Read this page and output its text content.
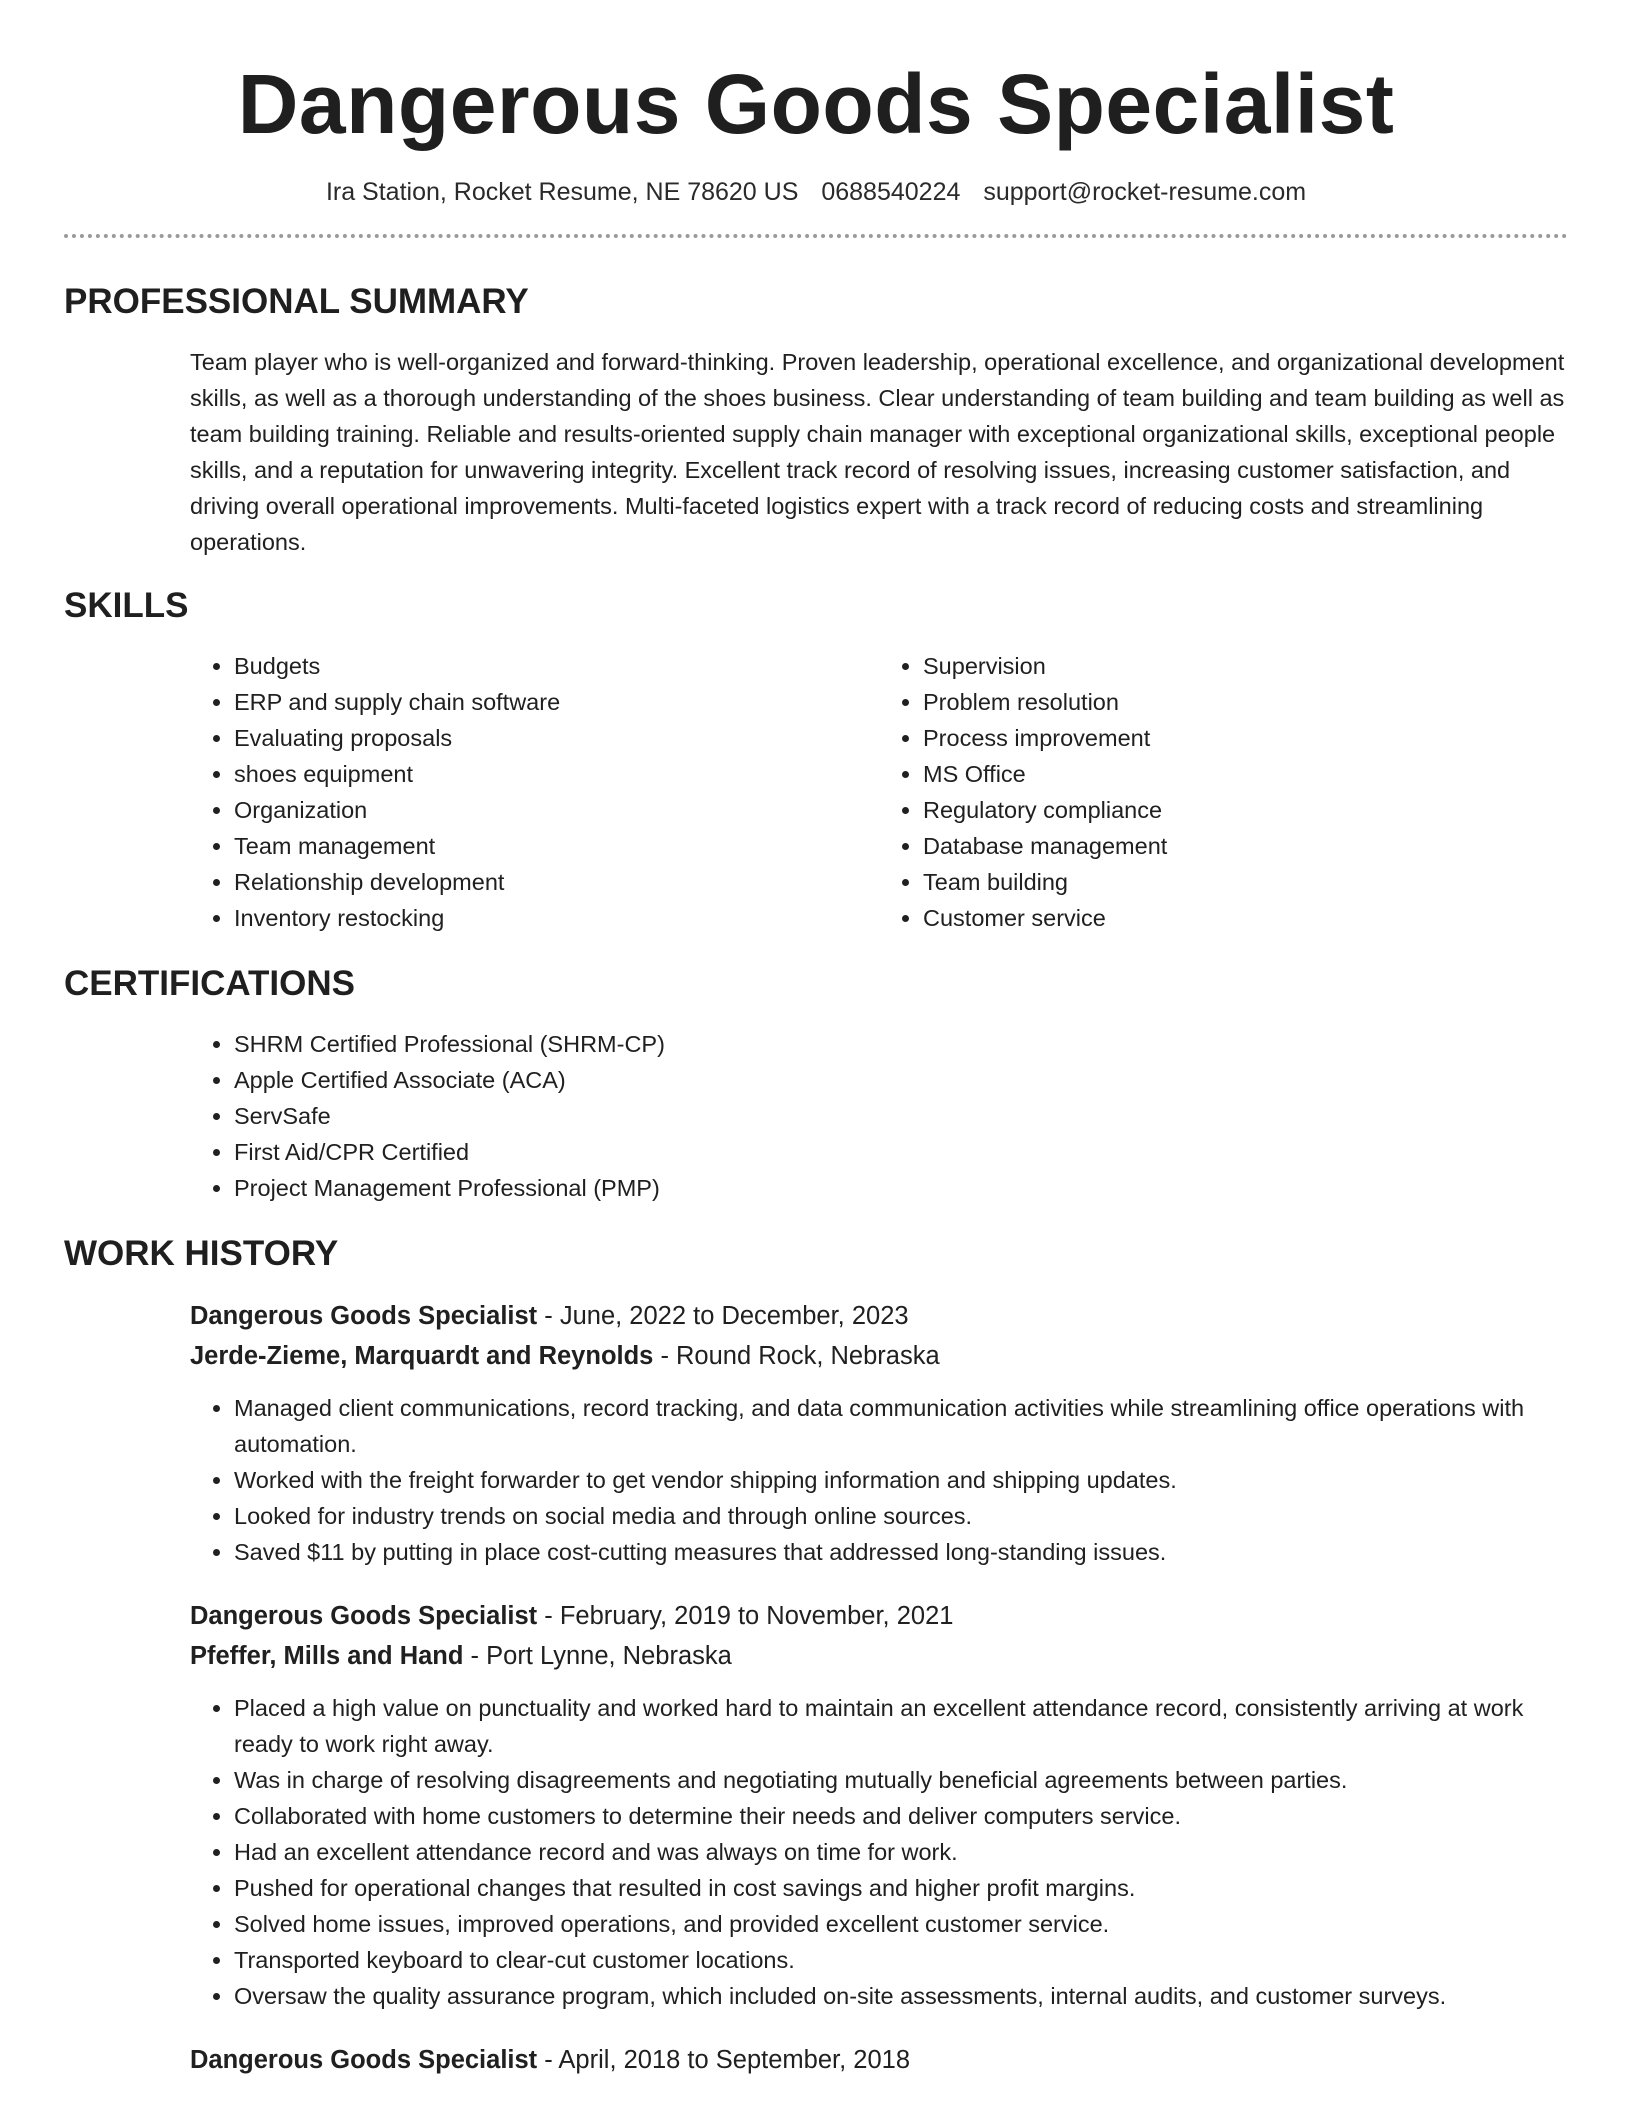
Dangerous Goods Specialist
Ira Station, Rocket Resume, NE 78620 US 0688540224 support@rocket-resume.com
PROFESSIONAL SUMMARY

Team player who is well-organized and forward-thinking. Proven leadership, operational excellence, and organizational development skills, as well as a thorough understanding of the shoes business. Clear understanding of team building and team building as well as team building training. Reliable and results-oriented supply chain manager with exceptional organizational skills, exceptional people skills, and a reputation for unwavering integrity. Excellent track record of resolving issues, increasing customer satisfaction, and driving overall operational improvements. Multi-faceted logistics expert with a track record of reducing costs and streamlining operations.

SKILLS
• Budgets
• ERP and supply chain software
• Evaluating proposals
• shoes equipment
• Organization
• Team management
• Relationship development
• Inventory restocking
• Supervision
• Problem resolution
• Process improvement
• MS Office
• Regulatory compliance
• Database management
• Team building
• Customer service
CERTIFICATIONS
• SHRM Certified Professional (SHRM-CP)
• Apple Certified Associate (ACA)
• ServSafe
• First Aid/CPR Certified
• Project Management Professional (PMP)
WORK HISTORY
Dangerous Goods Specialist - June, 2022 to December, 2023
Jerde-Zieme, Marquardt and Reynolds - Round Rock, Nebraska
• Managed client communications, record tracking, and data communication activities while streamlining office operations with automation.
• Worked with the freight forwarder to get vendor shipping information and shipping updates.
• Looked for industry trends on social media and through online sources.
• Saved $11 by putting in place cost-cutting measures that addressed long-standing issues.
Dangerous Goods Specialist - February, 2019 to November, 2021
Pfeffer, Mills and Hand - Port Lynne, Nebraska
• Placed a high value on punctuality and worked hard to maintain an excellent attendance record, consistently arriving at work ready to work right away.
• Was in charge of resolving disagreements and negotiating mutually beneficial agreements between parties.
• Collaborated with home customers to determine their needs and deliver computers service.
• Had an excellent attendance record and was always on time for work.
• Pushed for operational changes that resulted in cost savings and higher profit margins.
• Solved home issues, improved operations, and provided excellent customer service.
• Transported keyboard to clear-cut customer locations.
• Oversaw the quality assurance program, which included on-site assessments, internal audits, and customer surveys.
Dangerous Goods Specialist - April, 2018 to September, 2018
